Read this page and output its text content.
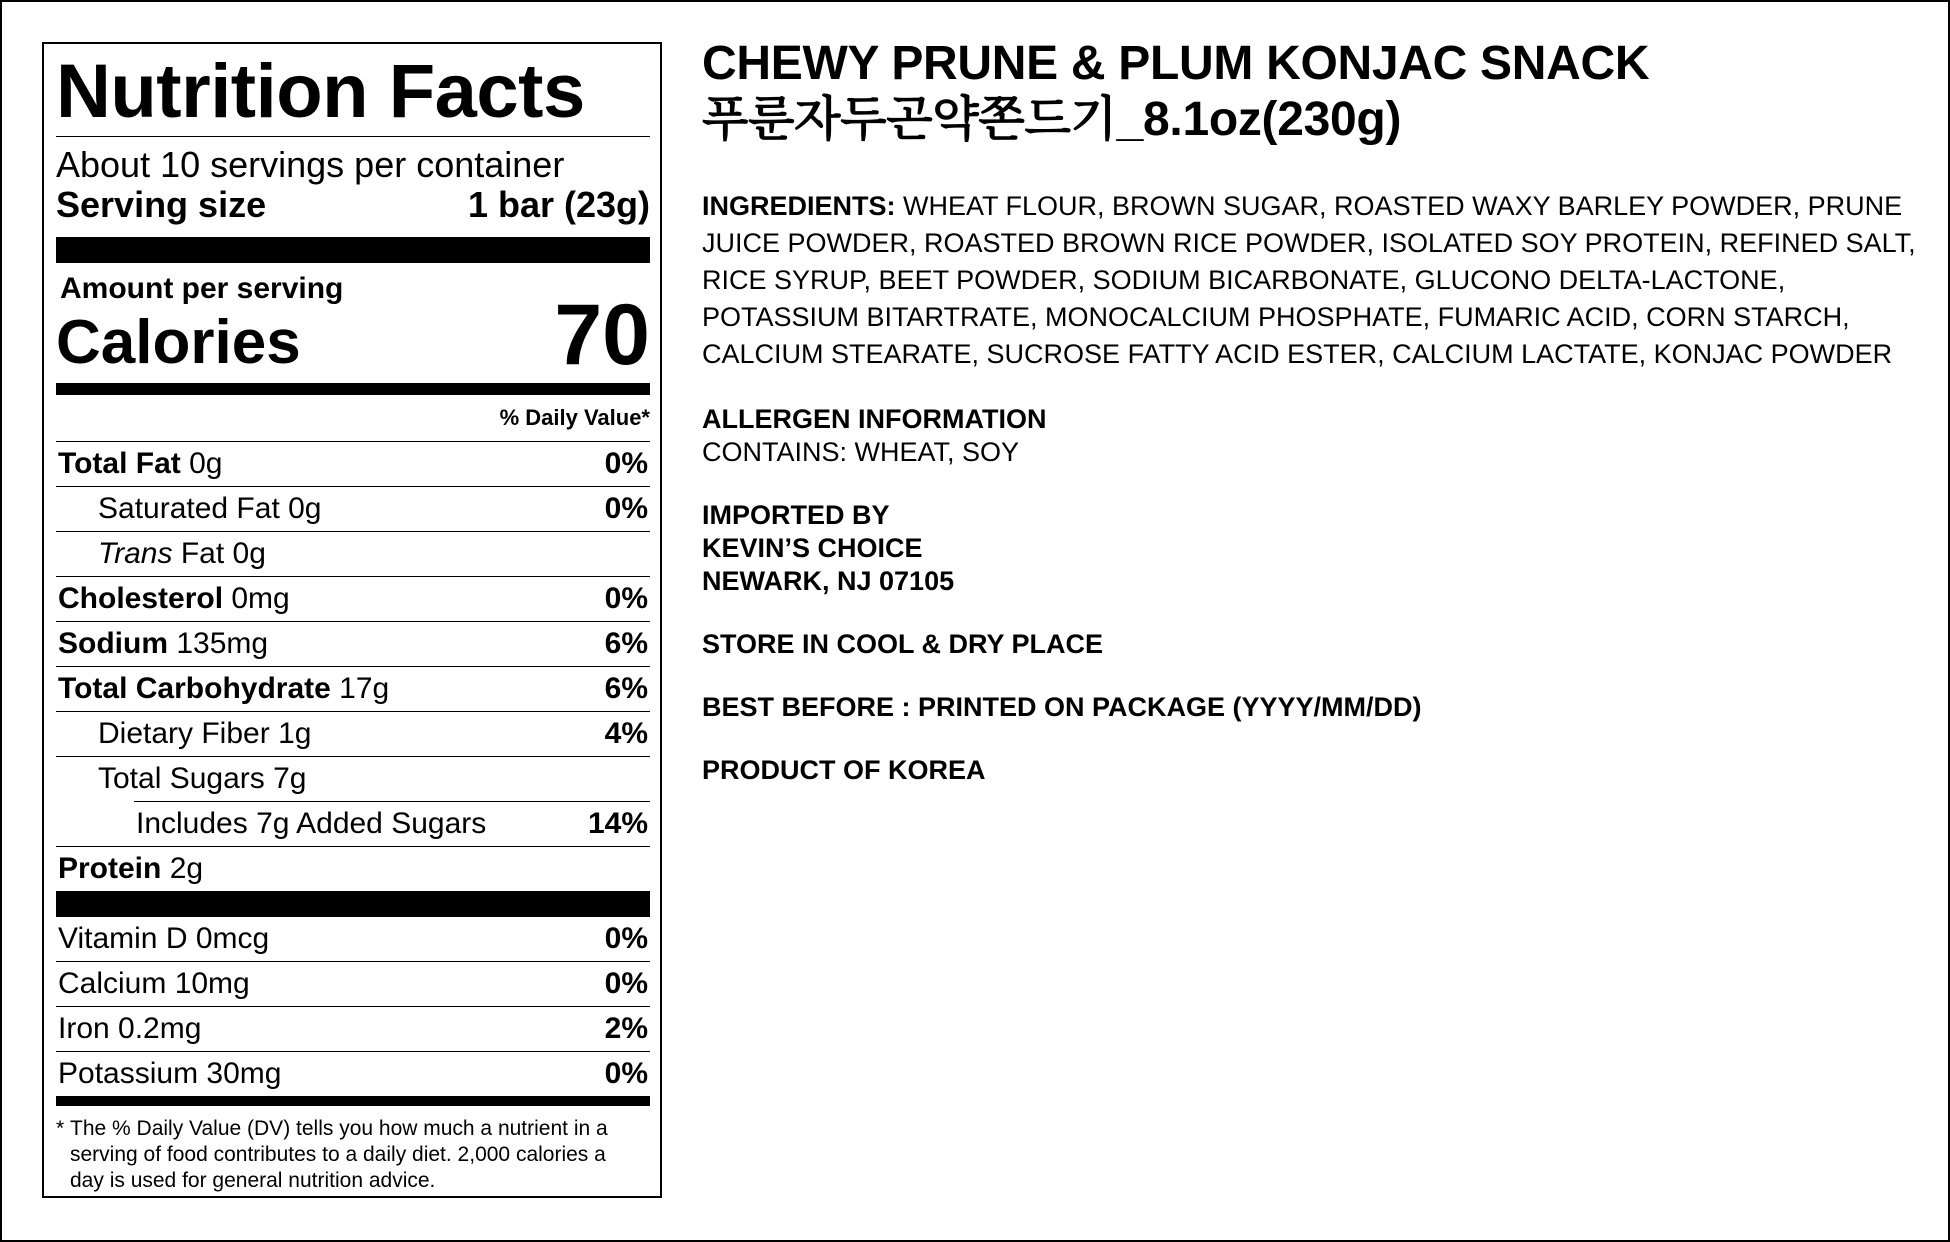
Nutrition Facts
About 10 servings per container
Serving size	1 bar (23g)
Amount per serving
Calories	70
% Daily Value*
Total Fat 0g	0%
Saturated Fat 0g	0%
Trans Fat 0g
Cholesterol 0mg	0%
Sodium 135mg	6%
Total Carbohydrate 17g	6%
Dietary Fiber 1g	4%
Total Sugars 7g
Includes 7g Added Sugars	14%
Protein 2g
Vitamin D 0mcg	0%
Calcium 10mg	0%
Iron 0.2mg	2%
Potassium 30mg	0%
* The % Daily Value (DV) tells you how much a nutrient in a serving of food contributes to a daily diet. 2,000 calories a day is used for general nutrition advice.
CHEWY PRUNE & PLUM KONJAC SNACK
푸룬자두곤약쫀드기_8.1oz(230g)
INGREDIENTS: WHEAT FLOUR, BROWN SUGAR, ROASTED WAXY BARLEY POWDER, PRUNE JUICE POWDER, ROASTED BROWN RICE POWDER, ISOLATED SOY PROTEIN, REFINED SALT, RICE SYRUP, BEET POWDER, SODIUM BICARBONATE, GLUCONO DELTA-LACTONE, POTASSIUM BITARTRATE, MONOCALCIUM PHOSPHATE, FUMARIC ACID, CORN STARCH, CALCIUM STEARATE, SUCROSE FATTY ACID ESTER, CALCIUM LACTATE, KONJAC POWDER
ALLERGEN INFORMATION
CONTAINS: WHEAT, SOY
IMPORTED BY
KEVIN’S CHOICE
NEWARK, NJ 07105
STORE IN COOL & DRY PLACE
BEST BEFORE : PRINTED ON PACKAGE (YYYY/MM/DD)
PRODUCT OF KOREA
